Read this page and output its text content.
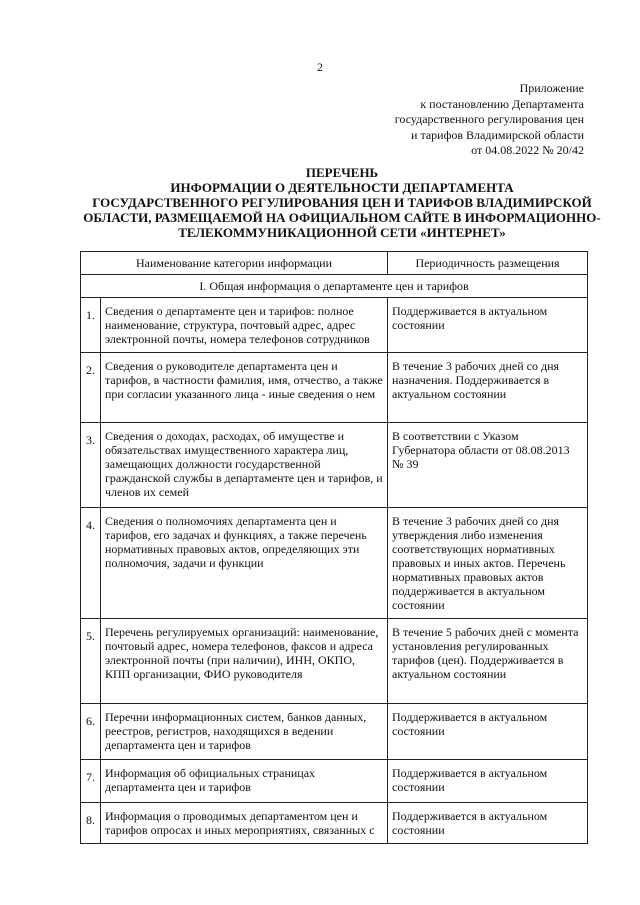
2
Приложение
к постановлению Департамента
государственного регулирования цен
и тарифов Владимирской области
от 04.08.2022 № 20/42
ПЕРЕЧЕНЬ
ИНФОРМАЦИИ О ДЕЯТЕЛЬНОСТИ ДЕПАРТАМЕНТА
ГОСУДАРСТВЕННОГО РЕГУЛИРОВАНИЯ ЦЕН И ТАРИФОВ ВЛАДИМИРСКОЙ
ОБЛАСТИ, РАЗМЕЩАЕМОЙ НА ОФИЦИАЛЬНОМ САЙТЕ В ИНФОРМАЦИОННО-
ТЕЛЕКОММУНИКАЦИОННОЙ СЕТИ «ИНТЕРНЕТ»
Наименование категории информации		Периодичность размещения
I. Общая информация о департаменте цен и тарифов		
1.	Сведения о департаменте цен и тарифов: полное наименование, структура, почтовый адрес, адрес электронной почты, номера телефонов сотрудников	Поддерживается в актуальном состоянии
2.	Сведения о руководителе департамента цен и тарифов, в частности фамилия, имя, отчество, а также при согласии указанного лица - иные сведения о нем	В течение 3 рабочих дней со дня назначения. Поддерживается в актуальном состоянии
3.	Сведения о доходах, расходах, об имуществе и обязательствах имущественного характера лиц, замещающих должности государственной гражданской службы в департаменте цен и тарифов, и членов их семей	В соответствии с Указом Губернатора области от 08.08.2013 № 39
4.	Сведения о полномочиях департамента цен и тарифов, его задачах и функциях, а также перечень нормативных правовых актов, определяющих эти полномочия, задачи и функции	В течение 3 рабочих дней со дня утверждения либо изменения соответствующих нормативных правовых и иных актов. Перечень нормативных правовых актов поддерживается в актуальном состоянии
5.	Перечень регулируемых организаций: наименование, почтовый адрес, номера телефонов, факсов и адреса электронной почты (при наличии), ИНН, ОКПО, КПП организации, ФИО руководителя	В течение 5 рабочих дней с момента установления регулированных тарифов (цен). Поддерживается в актуальном состоянии
6.	Перечни информационных систем, банков данных, реестров, регистров, находящихся в ведении департамента цен и тарифов	Поддерживается в актуальном состоянии
7.	Информация об официальных страницах департамента цен и тарифов	Поддерживается в актуальном состоянии
8.	Информация о проводимых департаментом цен и тарифов опросах и иных мероприятиях, связанных с	Поддерживается в актуальном состоянии
